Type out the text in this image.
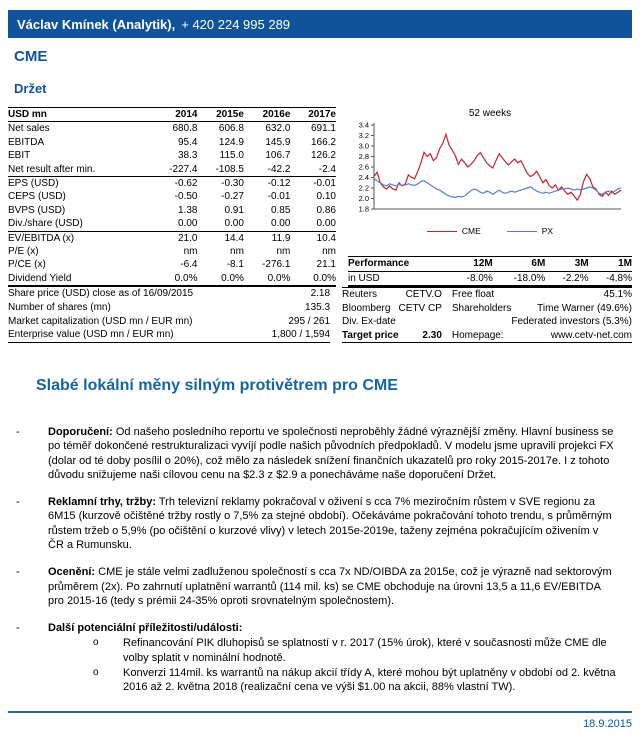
Václav Kmínek (Analytik), + 420 224 995 289
CME
Držet
USD mn	2014	2015e	2016e	2017e
Net sales	680.8	606.8	632.0	691.1
EBITDA	95.4	124.9	145.9	166.2
EBIT	38.3	115.0	106.7	126.2
Net result after min.	-227.4	-108.5	-42.2	-2.4
EPS (USD)	-0.62	-0.30	-0.12	-0.01
CEPS (USD)	-0.50	-0.27	-0.01	0.10
BVPS (USD)	1.38	0.91	0.85	0.86
Div./share (USD)	0.00	0.00	0.00	0.00
EV/EBITDA (x)	21.0	14.4	11.9	10.4
P/E (x)	nm	nm	nm	nm
P/CE (x)	-6.4	-8.1	-276.1	21.1
Dividend Yield	0.0%	0.0%	0.0%	0.0%
52 weeks
1.8
2.0
2.2
2.4
2.6
2.8
3.0
3.2
3.4
CME	PX
Performance	12M	6M	3M	1M
in USD	-8.0%	-18.0%	-2.2%	-4.8%
Share price (USD) close as of 16/09/2015	2.18
Number of shares (mn)	135.3
Market capitalization (USD mn / EUR mn)	295 / 261
Enterprise value (USD mn / EUR mn)	1,800 / 1,594
Reuters	CETV.O	Free float	45.1%
Bloomberg	CETV CP	Shareholders	Time Warner (49.6%)
Div. Ex-date			Federated investors (5.3%)
Target price	2.30	Homepage:	www.cetv-net.com
Slabé lokální měny silným protivětrem pro CME
-	Doporučení: Od našeho posledního reportu ve společnosti neproběhly žádné výraznější změny. Hlavní business se po téměř dokončené restrukturalizaci vyvíjí podle našich původních předpokladů. V modelu jsme upravili projekci FX (dolar od té doby posílil o 20%), což mělo za následek snížení finančních ukazatelů pro roky 2015-2017e. I z tohoto důvodu snižujeme naši cílovou cenu na $2.3 z $2.9 a ponecháváme naše doporučení Držet.
-	Reklamní trhy, tržby: Trh televizní reklamy pokračoval v oživení s cca 7% meziročním růstem v SVE regionu za 6M15 (kurzově očištěné tržby rostly o 7,5% za stejné období). Očekáváme pokračování tohoto trendu, s průměrným růstem tržeb o 5,9% (po očištění o kurzové vlivy) v letech 2015e-2019e, taženy zejména pokračujícím oživením v ČR a Rumunsku.
-	Ocenění: CME je stále velmi zadluženou společností s cca 7x ND/OIBDA za 2015e, což je výrazně nad sektorovým průměrem (2x). Po zahrnutí uplatnění warrantů (114 mil. ks) se CME obchoduje na úrovni 13,5 a 11,6 EV/EBITDA pro 2015-16 (tedy s prémii 24-35% oproti srovnatelným společnostem).
-	Další potenciální příležitosti/události:
o	Refinancování PIK dluhopisů se splatností v r. 2017 (15% úrok), které v současnosti může CME dle volby splatit v nominální hodnotě.
o	Konverzi 114mil. ks warrantů na nákup akcií třídy A, které mohou být uplatněny v období od 2. května 2016 až 2. května 2018 (realizační cena ve výši $1.00 na akcii, 88% vlastní TW).
18.9.2015
